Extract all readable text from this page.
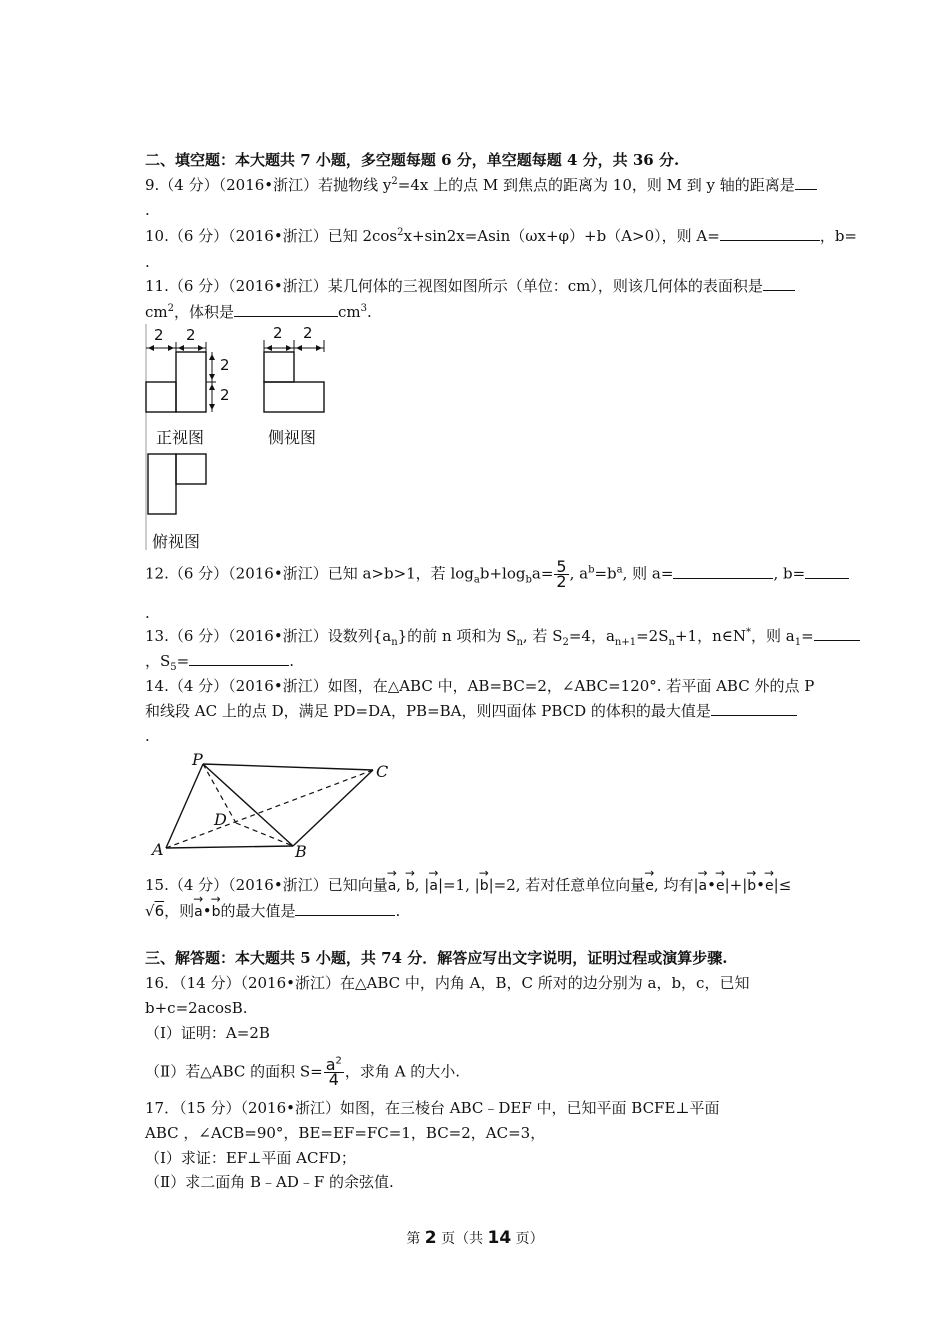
二、填空题：本大题共 7 小题，多空题每题 6 分，单空题每题 4 分，共 36 分.
9.（4 分）（2016•浙江）若抛物线 $y^2=4x$ 上的点 M 到焦点的距离为 10，则 M 到 y 轴的距离是
.
10.（6 分）（2016•浙江）已知 $2\cos^2x+\sin 2x=Asin(\omega x+\varphi)+b(A>0)$，则 A=	，b=
.
11.（6 分）（2016•浙江）某几何体的三视图如图所示（单位：cm），则该几何体的表面积是
$cm^2$，体积是	$cm^3$.
2 2
2
2
2 2
正视图	侧视图
俯视图
12.（6 分）（2016•浙江）已知 a>b>1，若 $\log_ab+\log_ba= \frac{5}{2}$ , $a^b=b^a$, 则 a=	, b=
.
13.（6 分）（2016•浙江）设数列$\{a_n\}$的前 n 项和为 $S_n$, 若 $S_2=4$，$a_{n+1}=2S_n+1$，n∈N*，则 $a_1=$
，$S_5=$	.
14.（4 分）（2016•浙江）如图，在△ABC 中，AB=BC=2，∠ABC=120°. 若平面 ABC 外的点 P
和线段 AC 上的点 D，满足 PD=DA，PB=BA，则四面体 PBCD 的体积的最大值是
.
P
C
D
A	B
15.（4 分）（2016•浙江）已知向量→ a, → b, |→ a|=1, |→ b|=2, 若对任意单位向量→ e, 均有|→ a•→ e|+|→ b•→ e|≤
√6，则→ a•→ b的最大值是	.
三、解答题：本大题共 5 小题，共 74 分．解答应写出文字说明，证明过程或演算步骤.
16．（14 分）（2016•浙江）在△ABC 中，内角 A，B，C 所对的边分别为 a，b，c，已知
b+c=2acosB.
（Ⅰ）证明：A=2B
（Ⅱ）若△ABC 的面积 $S= \frac{a^2}{4}$ ，求角 A 的大小.
17．（15 分）（2016•浙江）如图，在三棱台 ABC﹣DEF 中，已知平面 BCFE⊥平面
ABC ，∠ACB=90°，BE=EF=FC=1，BC=2，AC=3，
（Ⅰ）求证：EF⊥平面 ACFD；
（Ⅱ）求二面角 B﹣AD﹣F 的余弦值.
第 2 页（共 14 页）
